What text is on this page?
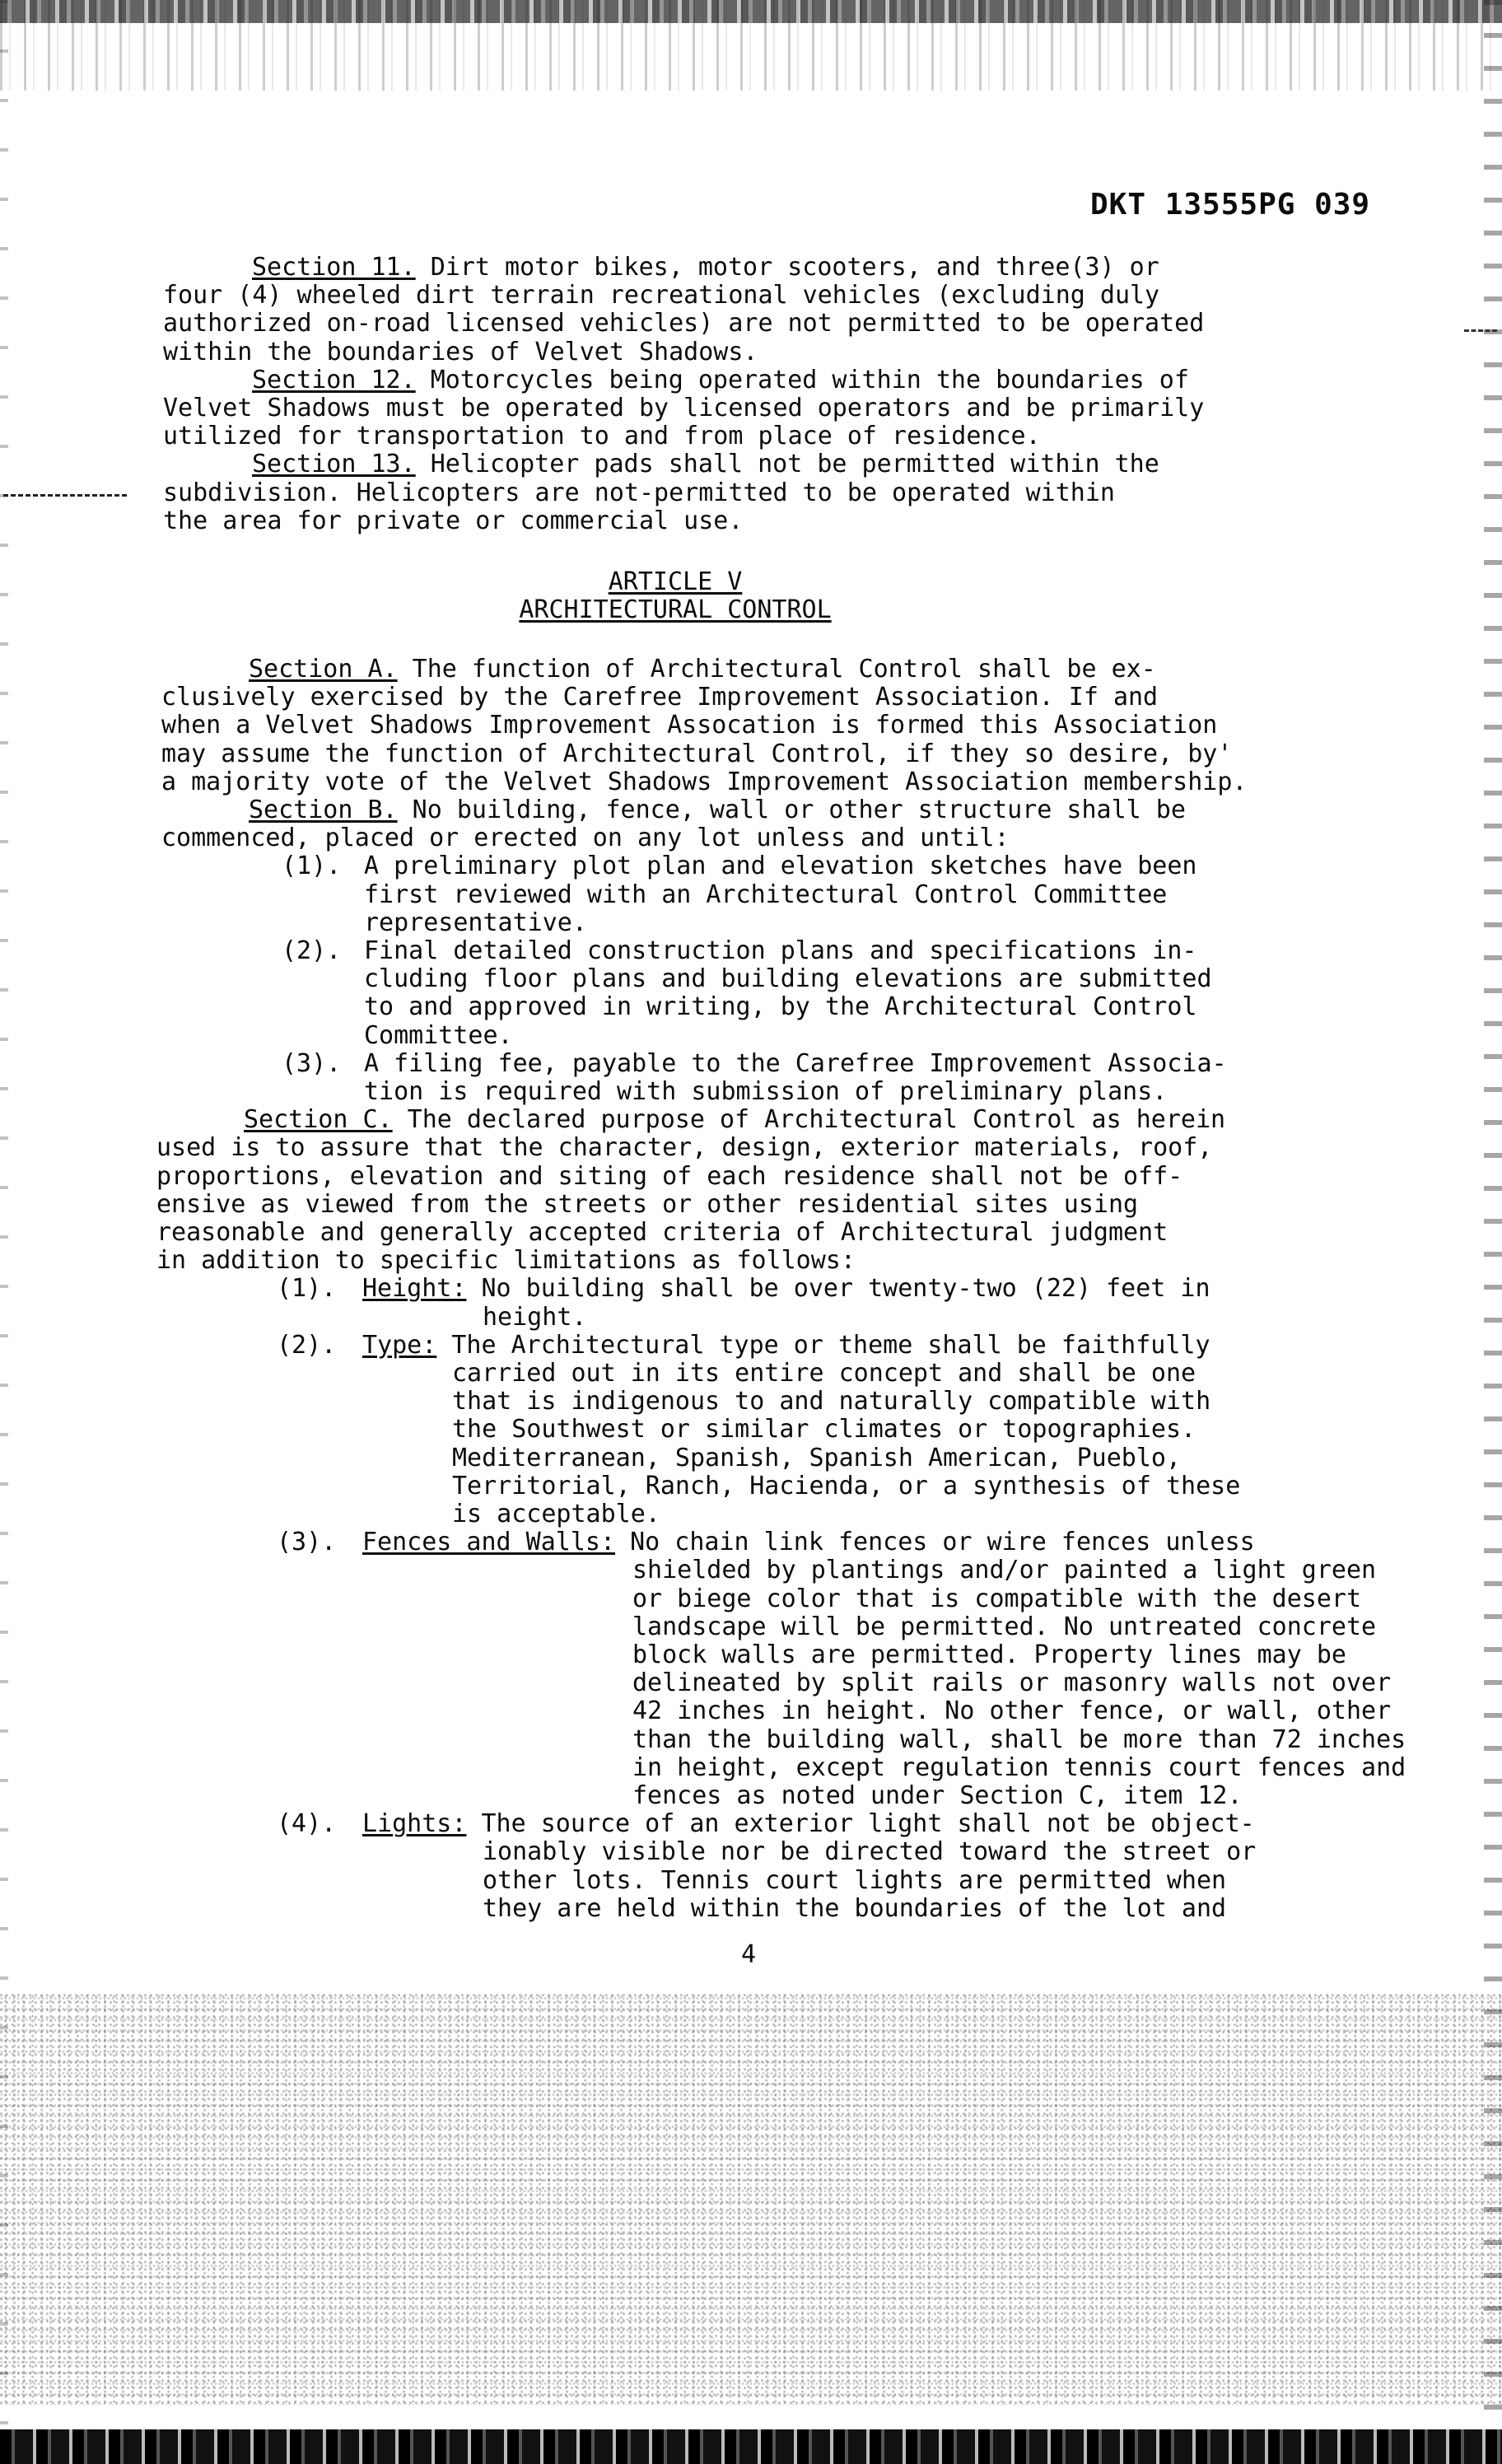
DKT 13555PG 039
Section 11. Dirt motor bikes, motor scooters, and three(3) or
four (4) wheeled dirt terrain recreational vehicles (excluding duly
authorized on-road licensed vehicles) are not permitted to be operated
within the boundaries of Velvet Shadows.
Section 12. Motorcycles being operated within the boundaries of
Velvet Shadows must be operated by licensed operators and be primarily
utilized for transportation to and from place of residence.
Section 13. Helicopter pads shall not be permitted within the
subdivision. Helicopters are not-permitted to be operated within
the area for private or commercial use.
ARTICLE V
ARCHITECTURAL CONTROL
Section A. The function of Architectural Control shall be ex-
clusively exercised by the Carefree Improvement Association. If and
when a Velvet Shadows Improvement Assocation is formed this Association
may assume the function of Architectural Control, if they so desire, by'
a majority vote of the Velvet Shadows Improvement Association membership.
Section B. No building, fence, wall or other structure shall be
commenced, placed or erected on any lot unless and until:
(1). A preliminary plot plan and elevation sketches have been
first reviewed with an Architectural Control Committee
representative.
(2). Final detailed construction plans and specifications in-
cluding floor plans and building elevations are submitted
to and approved in writing, by the Architectural Control
Committee.
(3). A filing fee, payable to the Carefree Improvement Associa-
tion is required with submission of preliminary plans.
Section C. The declared purpose of Architectural Control as herein
used is to assure that the character, design, exterior materials, roof,
proportions, elevation and siting of each residence shall not be off-
ensive as viewed from the streets or other residential sites using
reasonable and generally accepted criteria of Architectural judgment
in addition to specific limitations as follows:
(1). Height: No building shall be over twenty-two (22) feet in
height.
(2). Type: The Architectural type or theme shall be faithfully
carried out in its entire concept and shall be one
that is indigenous to and naturally compatible with
the Southwest or similar climates or topographies.
Mediterranean, Spanish, Spanish American, Pueblo,
Territorial, Ranch, Hacienda, or a synthesis of these
is acceptable.
(3). Fences and Walls: No chain link fences or wire fences unless
shielded by plantings and/or painted a light green
or biege color that is compatible with the desert
landscape will be permitted. No untreated concrete
block walls are permitted. Property lines may be
delineated by split rails or masonry walls not over
42 inches in height. No other fence, or wall, other
than the building wall, shall be more than 72 inches
in height, except regulation tennis court fences and
fences as noted under Section C, item 12.
(4). Lights: The source of an exterior light shall not be object-
ionably visible nor be directed toward the street or
other lots. Tennis court lights are permitted when
they are held within the boundaries of the lot and
4
